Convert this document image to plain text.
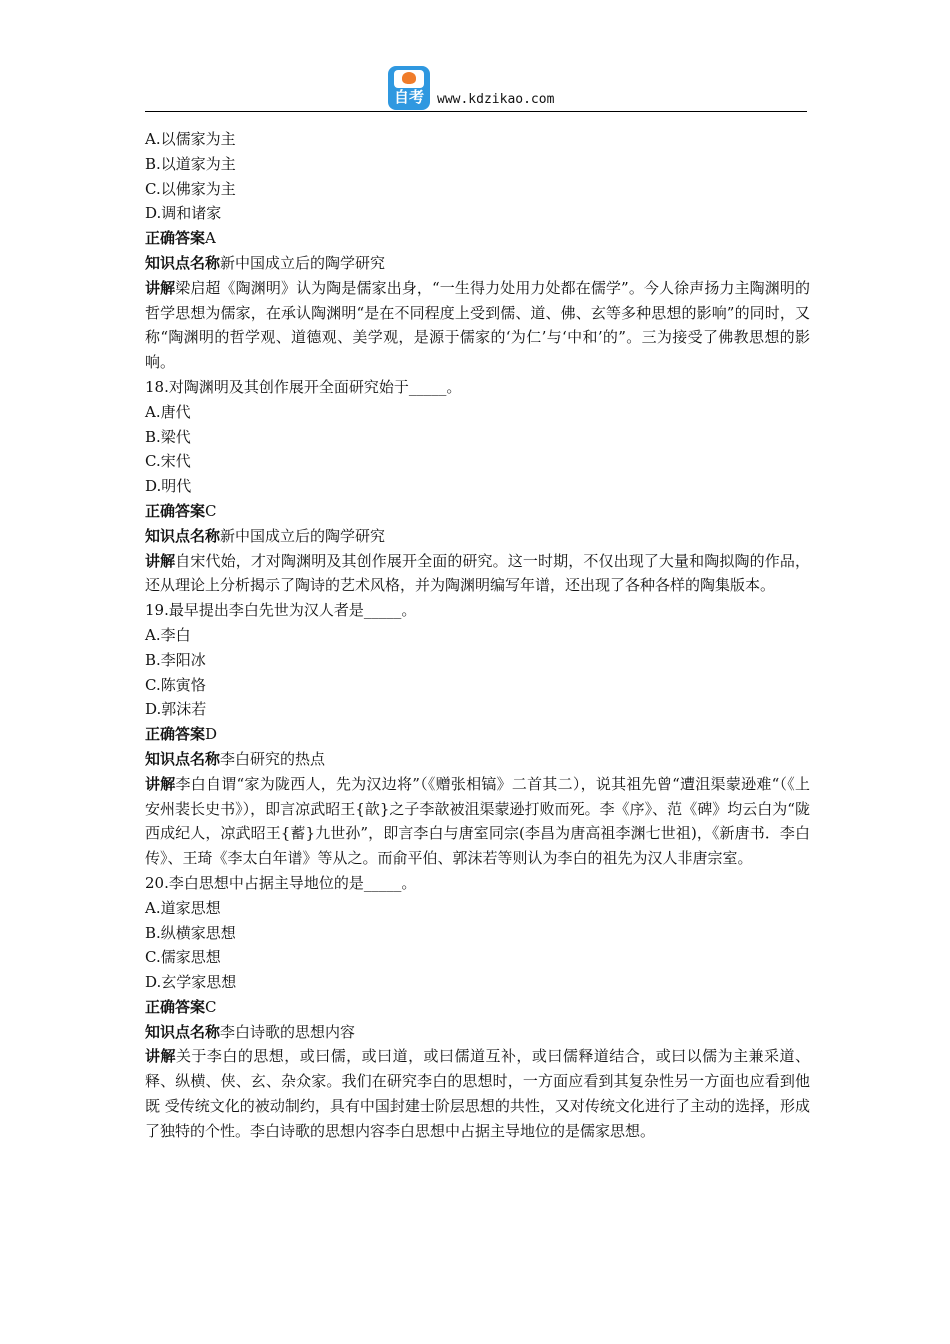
自考	www.kdzikao.com
A.以儒家为主
B.以道家为主
C.以佛家为主
D.调和诸家
正确答案A
知识点名称新中国成立后的陶学研究
讲解梁启超《陶渊明》认为陶是儒家出身，“一生得力处用力处都在儒学”。今人徐声扬力主陶渊明的哲学思想为儒家，在承认陶渊明“是在不同程度上受到儒、道、佛、玄等多种思想的影响”的同时，又称“陶渊明的哲学观、道德观、美学观，是源于儒家的‘为仁’与‘中和’的”。三为接受了佛教思想的影响。
18.对陶渊明及其创作展开全面研究始于_____。
A.唐代
B.梁代
C.宋代
D.明代
正确答案C
知识点名称新中国成立后的陶学研究
讲解自宋代始，才对陶渊明及其创作展开全面的研究。这一时期，不仅出现了大量和陶拟陶的作品，还从理论上分析揭示了陶诗的艺术风格，并为陶渊明编写年谱，还出现了各种各样的陶集版本。
19.最早提出李白先世为汉人者是_____。
A.李白
B.李阳冰
C.陈寅恪
D.郭沫若
正确答案D
知识点名称李白研究的热点
讲解李白自谓“家为陇西人，先为汉边将”（《赠张相镐》二首其二），说其祖先曾“遭沮渠蒙逊难“（《上安州裴长史书》），即言凉武昭王{歆}之子李歆被沮渠蒙逊打败而死。李《序》、范《碑》均云白为“陇西成纪人，凉武昭王{蓄}九世孙”，即言李白与唐室同宗(李昌为唐高祖李渊七世祖)，《新唐书．李白传》、王琦《李太白年谱》等从之。而俞平伯、郭沫若等则认为李白的祖先为汉人非唐宗室。
20.李白思想中占据主导地位的是_____。
A.道家思想
B.纵横家思想
C.儒家思想
D.玄学家思想
正确答案C
知识点名称李白诗歌的思想内容
讲解关于李白的思想，或曰儒，或曰道，或曰儒道互补，或曰儒释道结合，或曰以儒为主兼采道、释、纵横、侠、玄、杂众家。我们在研究李白的思想时，一方面应看到其复杂性另一方面也应看到他既 受传统文化的被动制约，具有中国封建士阶层思想的共性，又对传统文化进行了主动的选择，形成了独特的个性。李白诗歌的思想内容李白思想中占据主导地位的是儒家思想。
